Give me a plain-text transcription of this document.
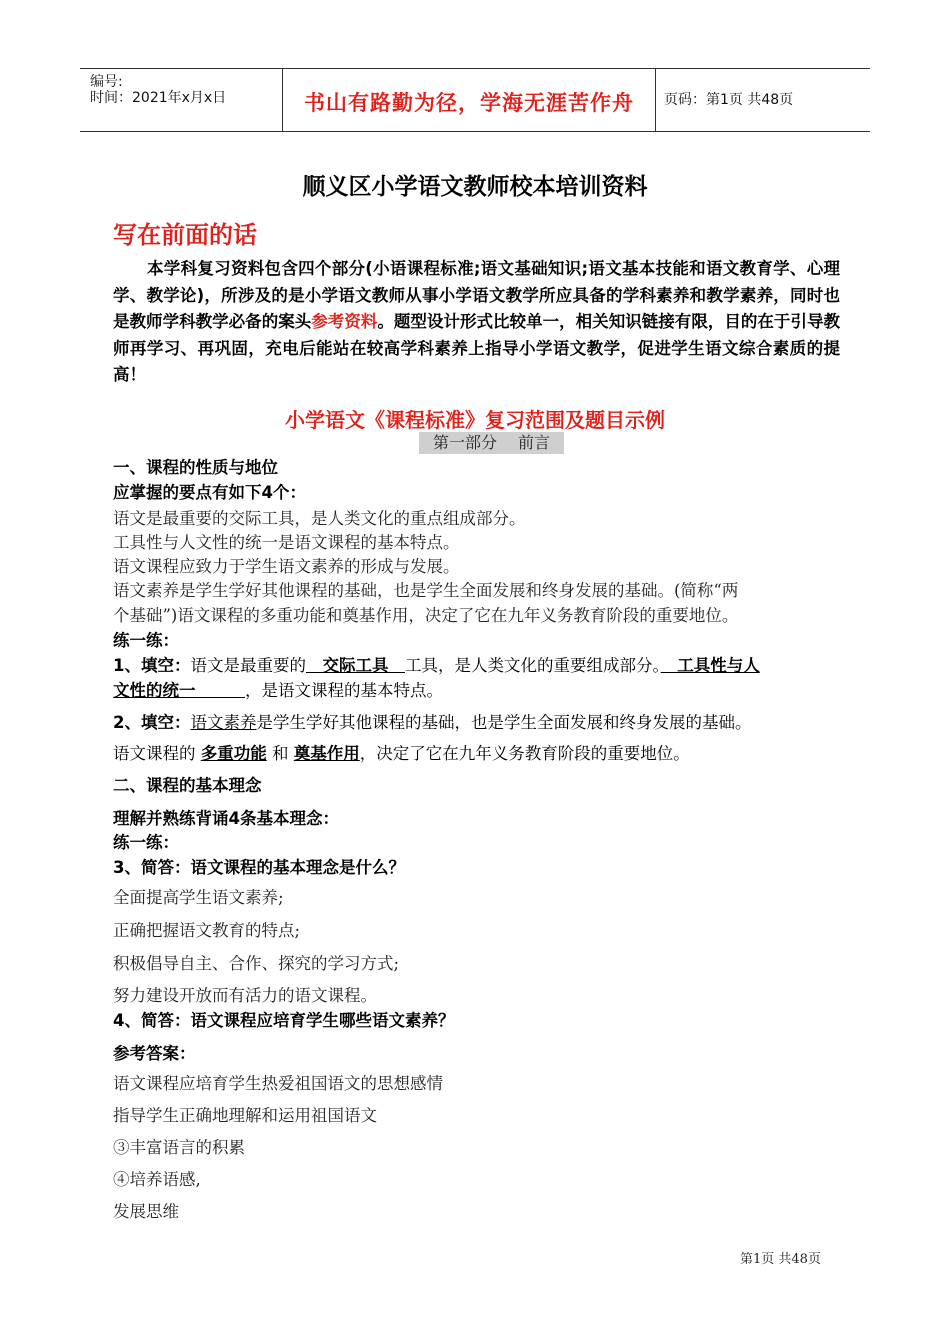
编号:
时间：2021年x月x日	书山有路勤为径，学海无涯苦作舟	页码：第1页 共48页
顺义区小学语文教师校本培训资料
写在前面的话
本学科复习资料包含四个部分(小语课程标准;语文基础知识;语文基本技能和语文教育学、心理学、教学论)，所涉及的是小学语文教师从事小学语文教学所应具备的学科素养和教学素养，同时也是教师学科教学必备的案头参考资料。题型设计形式比较单一，相关知识链接有限，目的在于引导教师再学习、再巩固，充电后能站在较高学科素养上指导小学语文教学，促进学生语文综合素质的提高！
小学语文《课程标准》复习范围及题目示例
第一部分　 前言
一、课程的性质与地位
应掌握的要点有如下4个：
语文是最重要的交际工具，是人类文化的重点组成部分。
工具性与人文性的统一是语文课程的基本特点。
语文课程应致力于学生语文素养的形成与发展。
语文素养是学生学好其他课程的基础，也是学生全面发展和终身发展的基础。(简称“两
个基础”)语文课程的多重功能和奠基作用，决定了它在九年义务教育阶段的重要地位。
练一练：
1、填空：语文是最重要的　交际工具　工具，是人类文化的重要组成部分。　工具性与人
文性的统一　　　，是语文课程的基本特点。
2、填空：语文素养是学生学好其他课程的基础，也是学生全面发展和终身发展的基础。
语文课程的 多重功能 和 奠基作用，决定了它在九年义务教育阶段的重要地位。
二、课程的基本理念
理解并熟练背诵4条基本理念：
练一练：
3、简答：语文课程的基本理念是什么？
全面提高学生语文素养;
正确把握语文教育的特点;
积极倡导自主、合作、探究的学习方式;
努力建设开放而有活力的语文课程。
4、简答：语文课程应培育学生哪些语文素养？
参考答案：
语文课程应培育学生热爱祖国语文的思想感情
指导学生正确地理解和运用祖国语文
③丰富语言的积累
④培养语感,
发展思维
第1页 共48页
